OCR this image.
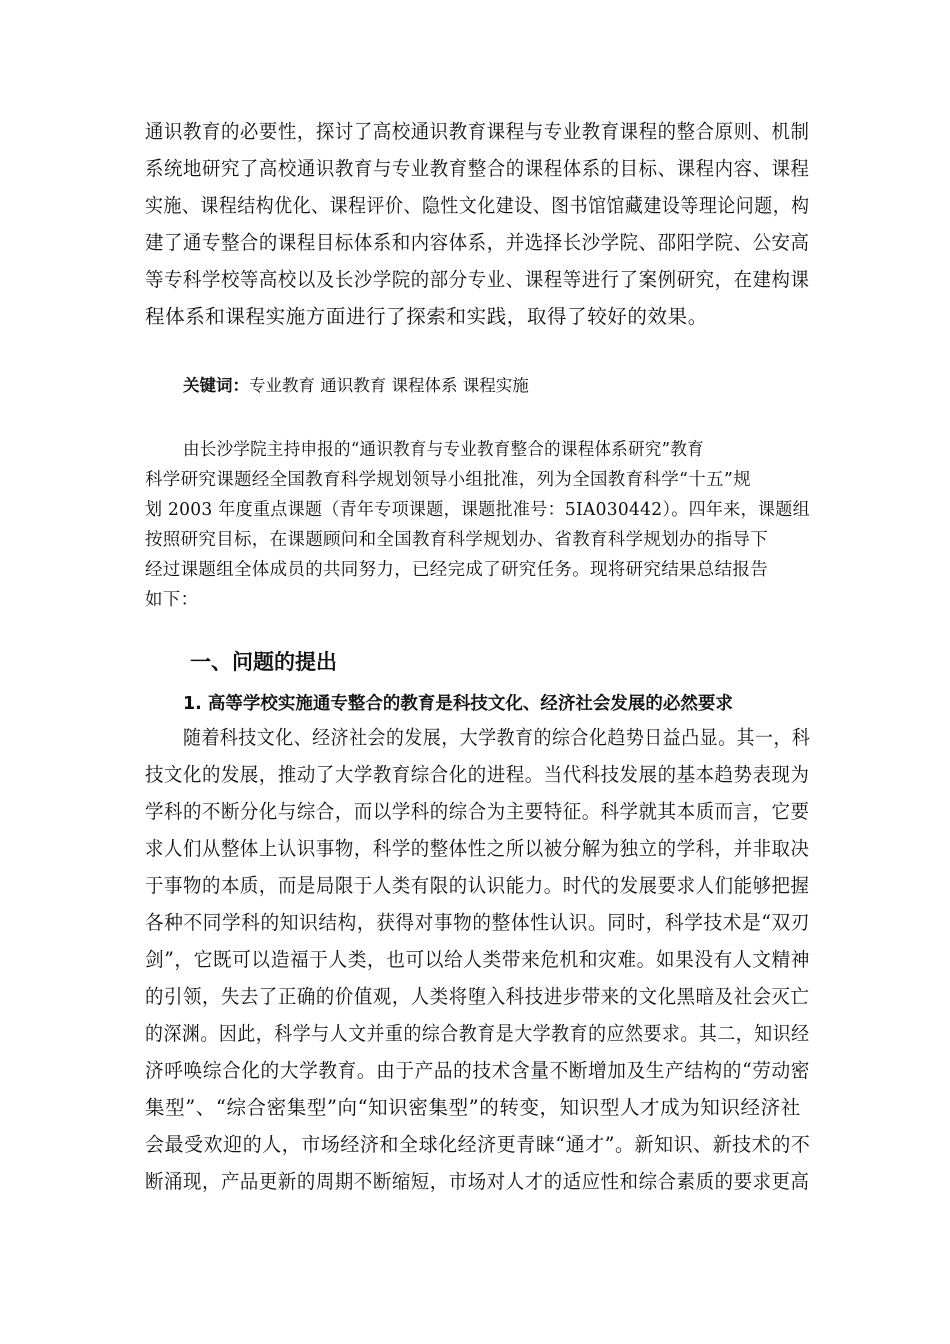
通识教育的必要性，探讨了高校通识教育课程与专业教育课程的整合原则、机制
系统地研究了高校通识教育与专业教育整合的课程体系的目标、课程内容、课程
实施、课程结构优化、课程评价、隐性文化建设、图书馆馆藏建设等理论问题，构
建了通专整合的课程目标体系和内容体系，并选择长沙学院、邵阳学院、公安高
等专科学校等高校以及长沙学院的部分专业、课程等进行了案例研究，在建构课
程体系和课程实施方面进行了探索和实践，取得了较好的效果。
关键词：专业教育 通识教育 课程体系 课程实施
由长沙学院主持申报的“通识教育与专业教育整合的课程体系研究”教育
科学研究课题经全国教育科学规划领导小组批准，列为全国教育科学“十五”规
划 2003 年度重点课题（青年专项课题，课题批准号：5IA030442）。四年来，课题组
按照研究目标，在课题顾问和全国教育科学规划办、省教育科学规划办的指导下
经过课题组全体成员的共同努力，已经完成了研究任务。现将研究结果总结报告
如下：
一、问题的提出
1. 高等学校实施通专整合的教育是科技文化、经济社会发展的必然要求
随着科技文化、经济社会的发展，大学教育的综合化趋势日益凸显。其一，科
技文化的发展，推动了大学教育综合化的进程。当代科技发展的基本趋势表现为
学科的不断分化与综合，而以学科的综合为主要特征。科学就其本质而言，它要
求人们从整体上认识事物，科学的整体性之所以被分解为独立的学科，并非取决
于事物的本质，而是局限于人类有限的认识能力。时代的发展要求人们能够把握
各种不同学科的知识结构，获得对事物的整体性认识。同时，科学技术是“双刃
剑”，它既可以造福于人类，也可以给人类带来危机和灾难。如果没有人文精神
的引领，失去了正确的价值观，人类将堕入科技进步带来的文化黑暗及社会灭亡
的深渊。因此，科学与人文并重的综合教育是大学教育的应然要求。其二，知识经
济呼唤综合化的大学教育。由于产品的技术含量不断增加及生产结构的“劳动密
集型”、“综合密集型”向“知识密集型”的转变，知识型人才成为知识经济社
会最受欢迎的人，市场经济和全球化经济更青睐“通才”。新知识、新技术的不
断涌现，产品更新的周期不断缩短，市场对人才的适应性和综合素质的要求更高
